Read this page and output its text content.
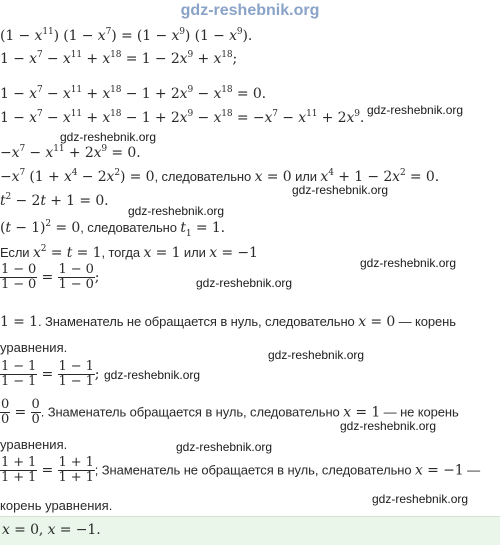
gdz-reshebnik.org
$(1 - x^{11})$ $(1 - x^7) = (1 - x^9)$ $(1 - x^9)$.
$1 - x^7 - x^{11} + x^{18} = 1 - 2x^9 + x^{18}$;
$1 - x^7 - x^{11} + x^{18} - 1 + 2x^9 - x^{18} = 0$.
gdz-reshebnik.org
$1 - x^7 - x^{11} + x^{18} - 1 + 2x^9 - x^{18} = -x^7 - x^{11} + 2x^9$.
gdz-reshebnik.org
$-x^7 - x^{11} + 2x^9 = 0$.
$-x^7$ $(1 + x^4 - 2x^2) = 0$, следовательно x = 0 или $x^4 + 1 - 2x^2 = 0$.
gdz-reshebnik.org
$t^2 - 2t + 1 = 0$.
gdz-reshebnik.org
$(t - 1)^2 = 0$, следовательно $t_1 = 1$.
Если $x^2 = t = 1$, тогда x = 1 или x = −1
gdz-reshebnik.org
$\frac{1 - 0}{1 - 0} = \frac{1 - 0}{1 - 0}$ ;	gdz-reshebnik.org
1 = 1. Знаменатель не обращается в нуль, следовательно x = 0 — корень
уравнения.	gdz-reshebnik.org
$\frac{1 - 1}{1 - 1} = \frac{1 - 1}{1 - 1}$ ; gdz-reshebnik.org
$\frac{0}{0} = \frac{0}{0}$ . Знаменатель обращается в нуль, следовательно x = 1 — не корень
gdz-reshebnik.org
уравнения.	gdz-reshebnik.org
$\frac{1 + 1}{1 + 1} = \frac{1 + 1}{1 + 1}$ ; Знаменатель не обращается в нуль, следовательно x = −1 —
gdz-reshebnik.org
корень уравнения.
x = 0, x = −1.
